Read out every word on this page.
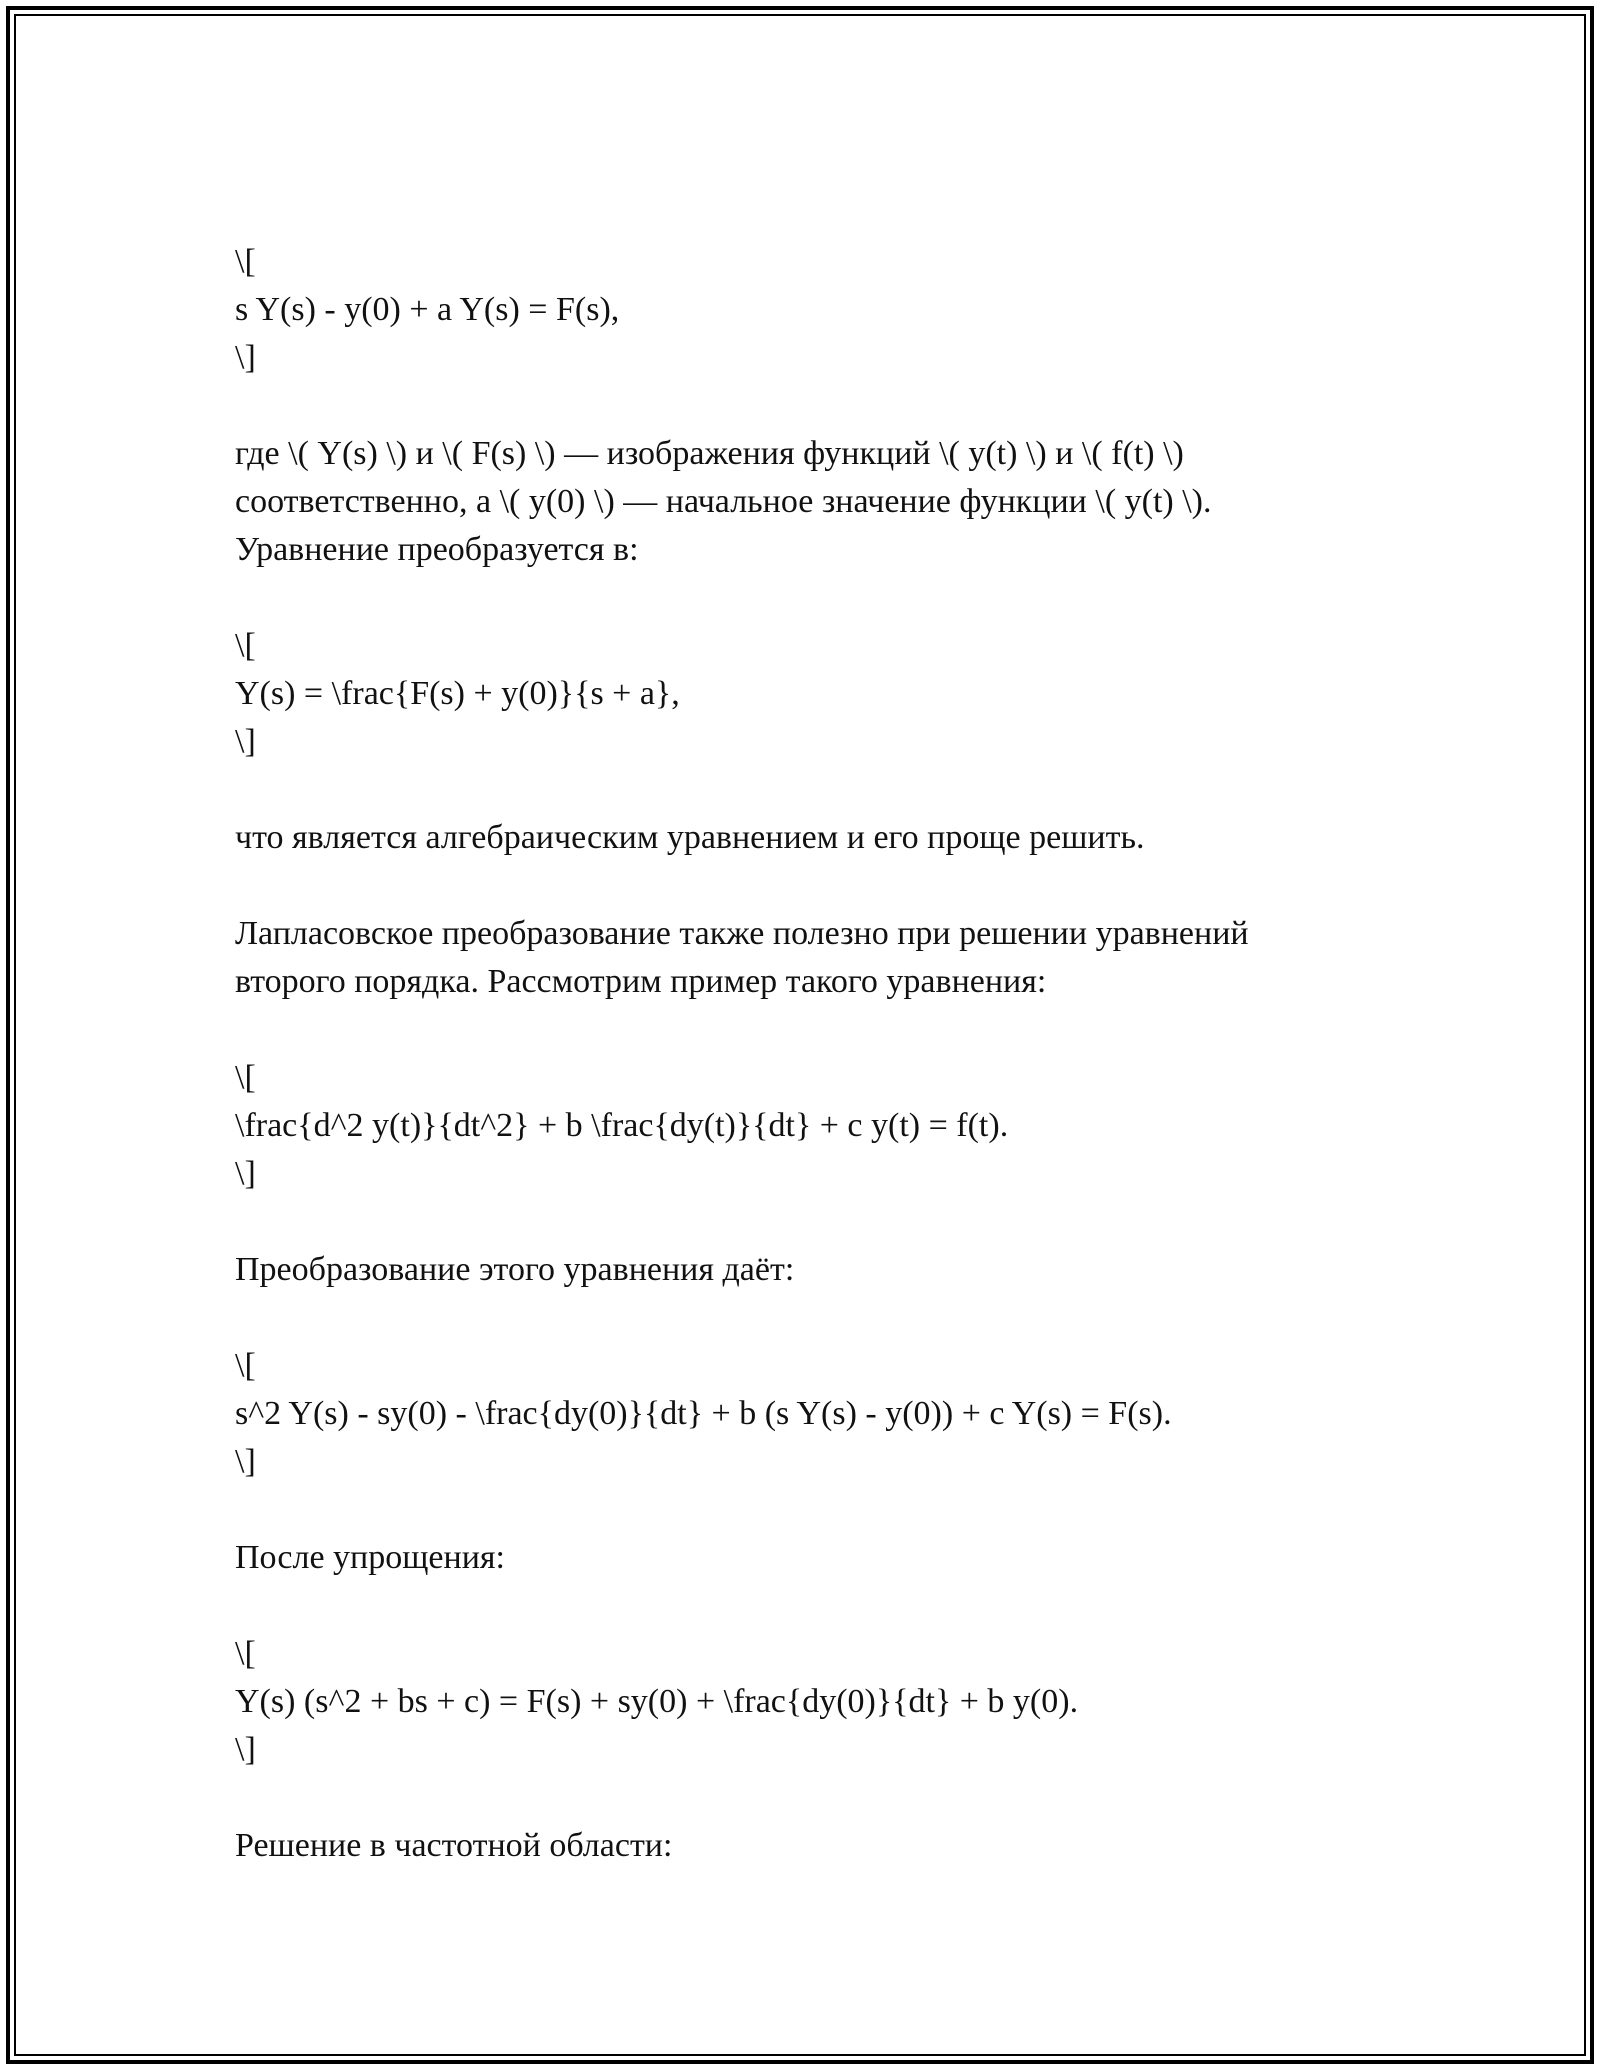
\[
s Y(s) - y(0) + a Y(s) = F(s),
\]
где \( Y(s) \) и \( F(s) \) — изображения функций \( y(t) \) и \( f(t) \)
соответственно, а \( y(0) \) — начальное значение функции \( y(t) \).
Уравнение преобразуется в:
\[
Y(s) = \frac{F(s) + y(0)}{s + a},
\]
что является алгебраическим уравнением и его проще решить.
Лапласовское преобразование также полезно при решении уравнений
второго порядка. Рассмотрим пример такого уравнения:
\[
\frac{d^2 y(t)}{dt^2} + b \frac{dy(t)}{dt} + c y(t) = f(t).
\]
Преобразование этого уравнения даёт:
\[
s^2 Y(s) - sy(0) - \frac{dy(0)}{dt} + b (s Y(s) - y(0)) + c Y(s) = F(s).
\]
После упрощения:
\[
Y(s) (s^2 + bs + c) = F(s) + sy(0) + \frac{dy(0)}{dt} + b y(0).
\]
Решение в частотной области:
